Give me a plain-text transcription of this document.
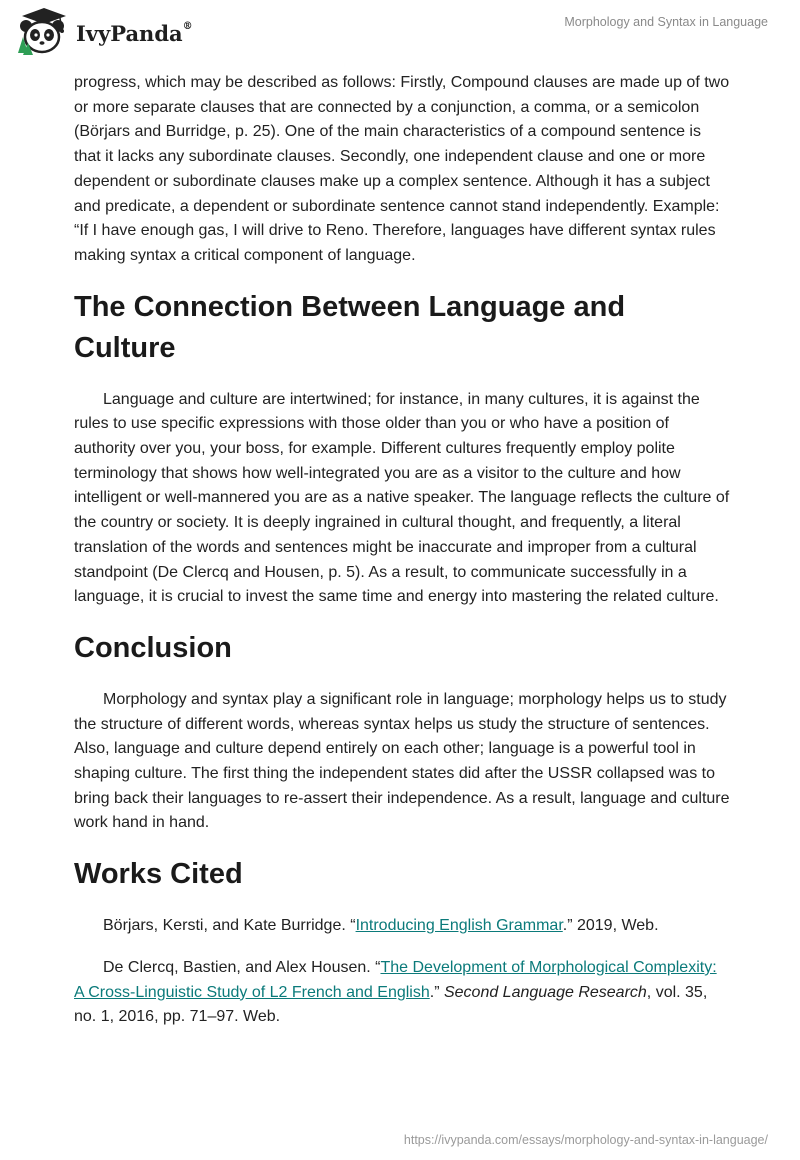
IvyPanda®	Morphology and Syntax in Language

progress, which may be described as follows: Firstly, Compound clauses are made up of two or more separate clauses that are connected by a conjunction, a comma, or a semicolon (Börjars and Burridge, p. 25). One of the main characteristics of a compound sentence is that it lacks any subordinate clauses. Secondly, one independent clause and one or more dependent or subordinate clauses make up a complex sentence. Although it has a subject and predicate, a dependent or subordinate sentence cannot stand independently. Example: “If I have enough gas, I will drive to Reno. Therefore, languages have different syntax rules making syntax a critical component of language.

The Connection Between Language and Culture

Language and culture are intertwined; for instance, in many cultures, it is against the rules to use specific expressions with those older than you or who have a position of authority over you, your boss, for example. Different cultures frequently employ polite terminology that shows how well-integrated you are as a visitor to the culture and how intelligent or well-mannered you are as a native speaker. The language reflects the culture of the country or society. It is deeply ingrained in cultural thought, and frequently, a literal translation of the words and sentences might be inaccurate and improper from a cultural standpoint (De Clercq and Housen, p. 5). As a result, to communicate successfully in a language, it is crucial to invest the same time and energy into mastering the related culture.

Conclusion

Morphology and syntax play a significant role in language; morphology helps us to study the structure of different words, whereas syntax helps us study the structure of sentences. Also, language and culture depend entirely on each other; language is a powerful tool in shaping culture. The first thing the independent states did after the USSR collapsed was to bring back their languages to re-assert their independence. As a result, language and culture work hand in hand.

Works Cited

Börjars, Kersti, and Kate Burridge. “Introducing English Grammar.” 2019, Web.

De Clercq, Bastien, and Alex Housen. “The Development of Morphological Complexity: A Cross-Linguistic Study of L2 French and English.” Second Language Research, vol. 35, no. 1, 2016, pp. 71–97. Web.

https://ivypanda.com/essays/morphology-and-syntax-in-language/
